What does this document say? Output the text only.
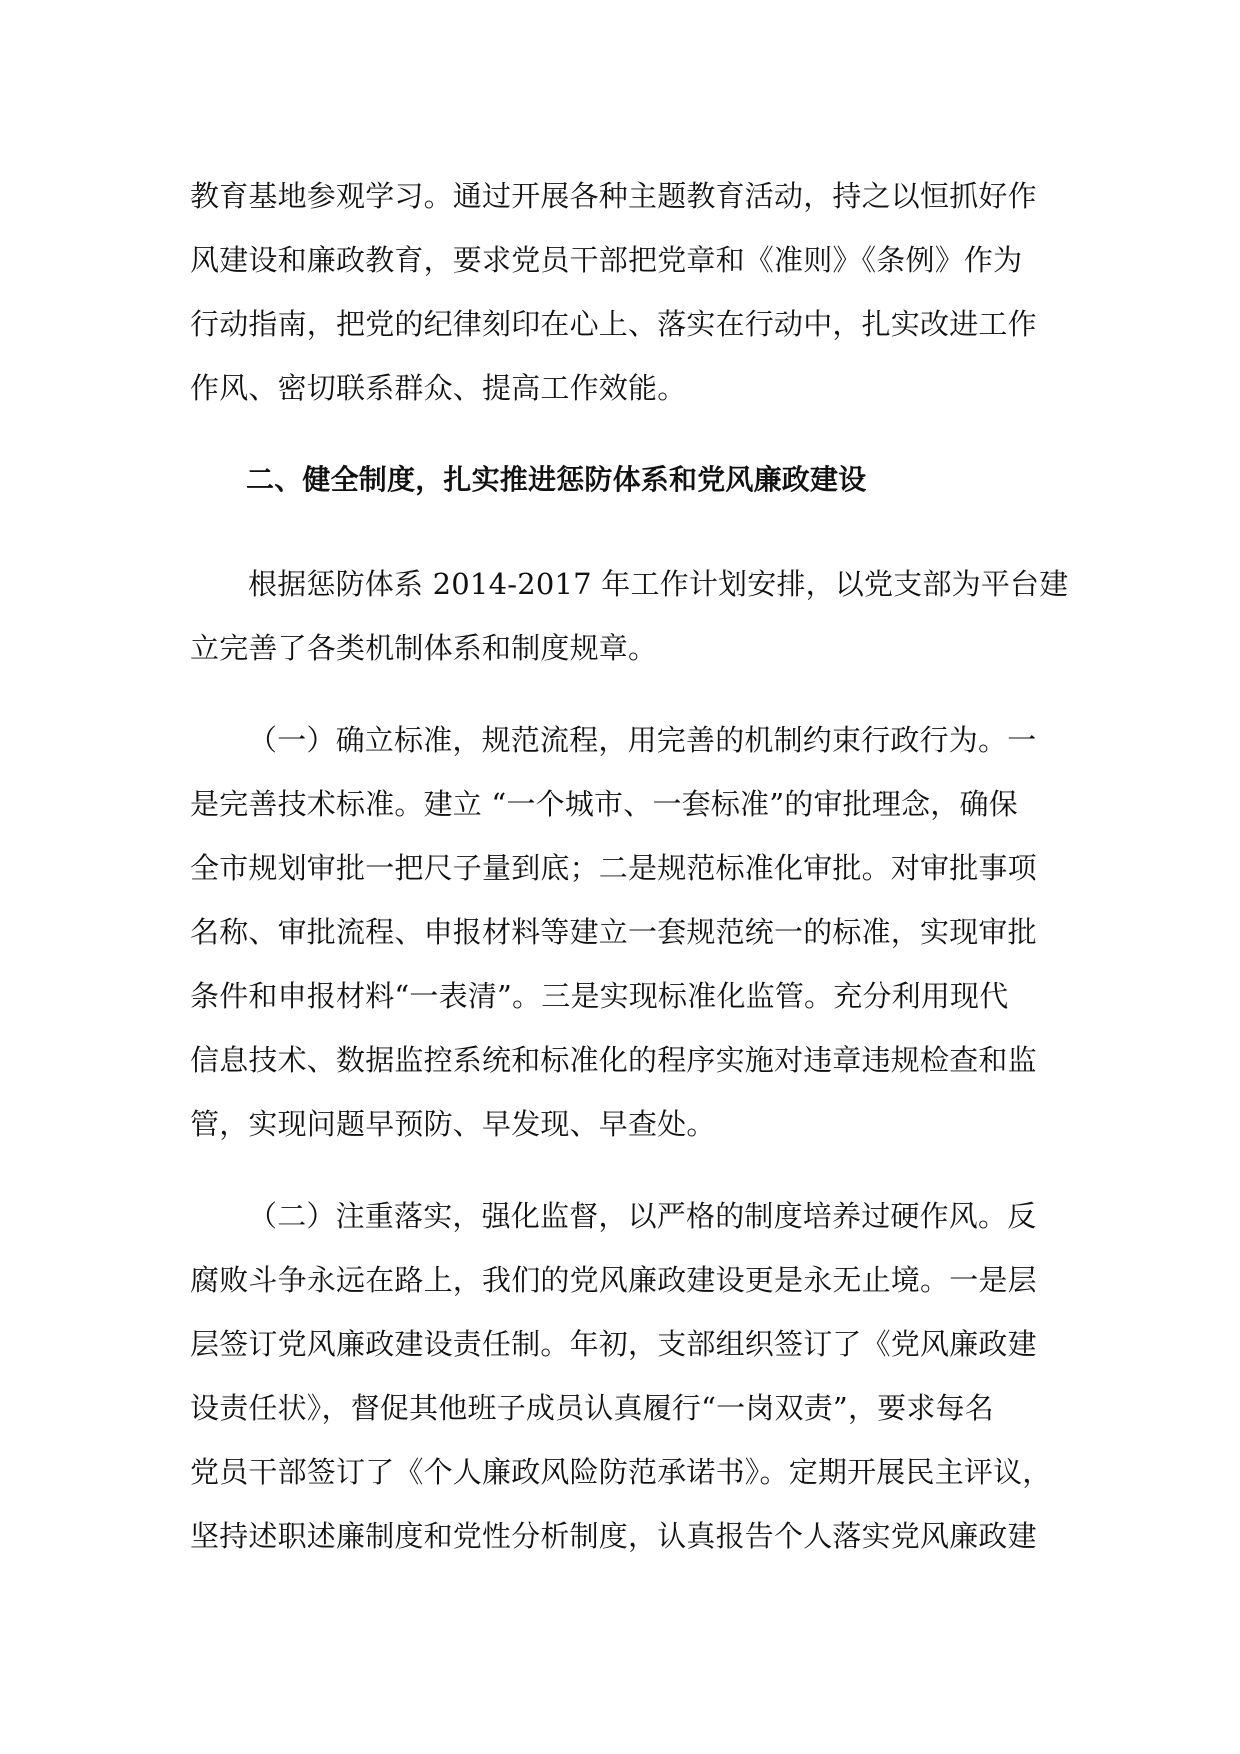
教育基地参观学习。通过开展各种主题教育活动，持之以恒抓好作
风建设和廉政教育，要求党员干部把党章和《准则》《条例》作为
行动指南，把党的纪律刻印在心上、落实在行动中，扎实改进工作
作风、密切联系群众、提高工作效能。
二、健全制度，扎实推进惩防体系和党风廉政建设
根据惩防体系 2014-2017 年工作计划安排，以党支部为平台建
立完善了各类机制体系和制度规章。
（一）确立标准，规范流程，用完善的机制约束行政行为。一
是完善技术标准。建立 “一个城市、一套标准”的审批理念，确保
全市规划审批一把尺子量到底；二是规范标准化审批。对审批事项
名称、审批流程、申报材料等建立一套规范统一的标准，实现审批
条件和申报材料“一表清”。三是实现标准化监管。充分利用现代
信息技术、数据监控系统和标准化的程序实施对违章违规检查和监
管，实现问题早预防、早发现、早查处。
（二）注重落实，强化监督，以严格的制度培养过硬作风。反
腐败斗争永远在路上，我们的党风廉政建设更是永无止境。一是层
层签订党风廉政建设责任制。年初，支部组织签订了《党风廉政建
设责任状》，督促其他班子成员认真履行“一岗双责”，要求每名
党员干部签订了《个人廉政风险防范承诺书》。定期开展民主评议，
坚持述职述廉制度和党性分析制度，认真报告个人落实党风廉政建
